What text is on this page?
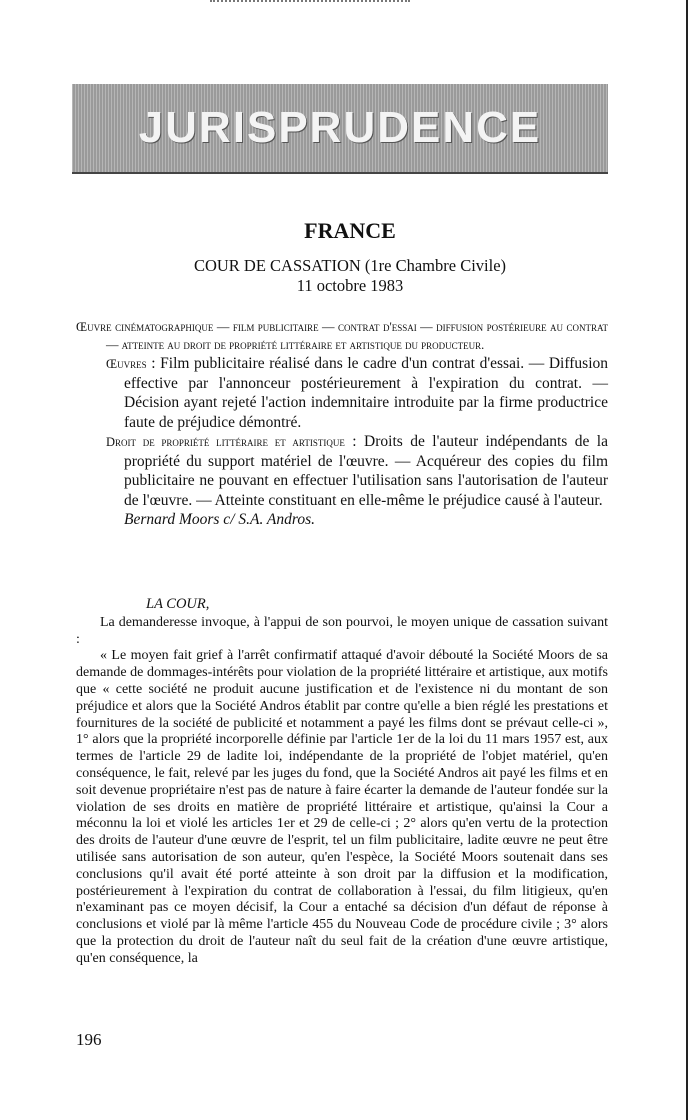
JURISPRUDENCE
FRANCE
COUR DE CASSATION (1re Chambre Civile)
11 octobre 1983

Œuvre cinématographique — film publicitaire — contrat d'essai — diffusion postérieure au contrat — atteinte au droit de propriété littéraire et artistique du producteur.

Œuvres : Film publicitaire réalisé dans le cadre d'un contrat d'essai. — Diffusion effective par l'annonceur postérieurement à l'expiration du contrat. — Décision ayant rejeté l'action indemnitaire introduite par la firme productrice faute de préjudice démontré.

Droit de propriété littéraire et artistique : Droits de l'auteur indépendants de la propriété du support matériel de l'œuvre. — Acquéreur des copies du film publicitaire ne pouvant en effectuer l'utilisation sans l'autorisation de l'auteur de l'œuvre. — Atteinte constituant en elle-même le préjudice causé à l'auteur.

Bernard Moors c/ S.A. Andros.

LA COUR,

La demanderesse invoque, à l'appui de son pourvoi, le moyen unique de cassation suivant :

« Le moyen fait grief à l'arrêt confirmatif attaqué d'avoir débouté la Société Moors de sa demande de dommages-intérêts pour violation de la propriété littéraire et artistique, aux motifs que « cette société ne produit aucune justification et de l'existence ni du montant de son préjudice et alors que la Société Andros établit par contre qu'elle a bien réglé les prestations et fournitures de la société de publicité et notamment a payé les films dont se prévaut celle-ci », 1° alors que la propriété incorporelle définie par l'article 1er de la loi du 11 mars 1957 est, aux termes de l'article 29 de ladite loi, indépendante de la propriété de l'objet matériel, qu'en conséquence, le fait, relevé par les juges du fond, que la Société Andros ait payé les films et en soit devenue propriétaire n'est pas de nature à faire écarter la demande de l'auteur fondée sur la violation de ses droits en matière de propriété littéraire et artistique, qu'ainsi la Cour a méconnu la loi et violé les articles 1er et 29 de celle-ci ; 2° alors qu'en vertu de la protection des droits de l'auteur d'une œuvre de l'esprit, tel un film publicitaire, ladite œuvre ne peut être utilisée sans autorisation de son auteur, qu'en l'espèce, la Société Moors soutenait dans ses conclusions qu'il avait été porté atteinte à son droit par la diffusion et la modification, postérieurement à l'expiration du contrat de collaboration à l'essai, du film litigieux, qu'en n'examinant pas ce moyen décisif, la Cour a entaché sa décision d'un défaut de réponse à conclusions et violé par là même l'article 455 du Nouveau Code de procédure civile ; 3° alors que la protection du droit de l'auteur naît du seul fait de la création d'une œuvre artistique, qu'en conséquence, la

196
